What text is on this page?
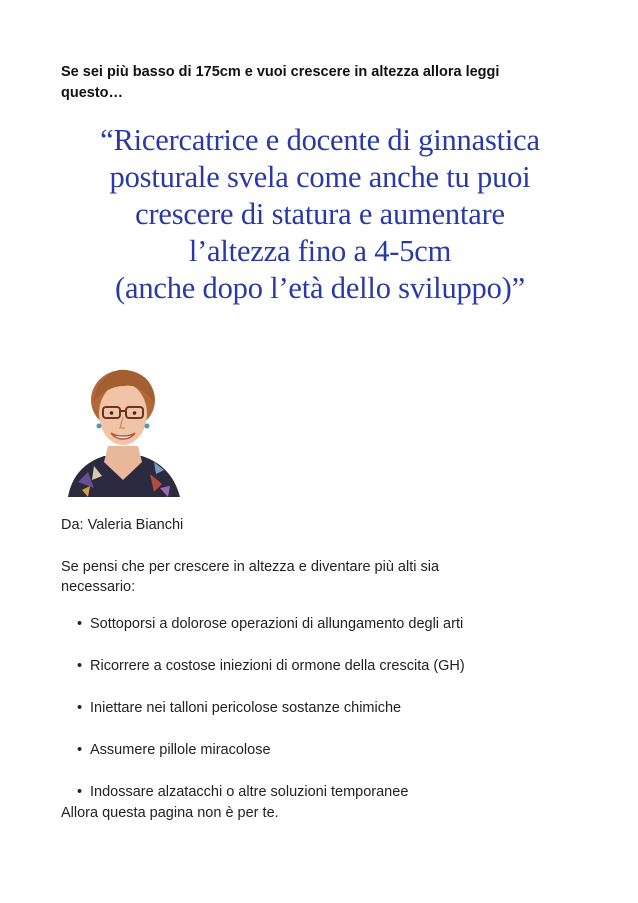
Se sei più basso di 175cm e vuoi crescere in altezza allora leggi
questo…
“Ricercatrice e docente di ginnastica
posturale svela come anche tu puoi
crescere di statura e aumentare
l’altezza fino a 4-5cm
(anche dopo l’età dello sviluppo)”
Da: Valeria Bianchi
Se pensi che per crescere in altezza e diventare più alti sia
necessario:
• Sottoporsi a dolorose operazioni di allungamento degli arti
• Ricorrere a costose iniezioni di ormone della crescita (GH)
• Iniettare nei talloni pericolose sostanze chimiche
• Assumere pillole miracolose
• Indossare alzatacchi o altre soluzioni temporanee
Allora questa pagina non è per te.
